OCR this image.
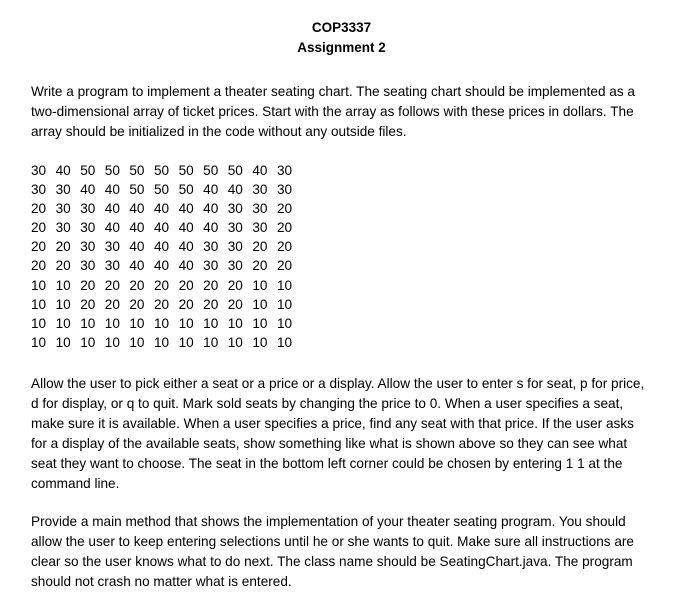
COP3337
Assignment 2

Write a program to implement a theater seating chart. The seating chart should be implemented as a two-dimensional array of ticket prices. Start with the array as follows with these prices in dollars. The array should be initialized in the code without any outside files.

30 40 50 50 50 50 50 50 50 40 30
30 30 40 40 50 50 50 40 40 30 30
20 30 30 40 40 40 40 40 30 30 20
20 30 30 40 40 40 40 40 30 30 20
20 20 30 30 40 40 40 30 30 20 20
20 20 30 30 40 40 40 30 30 20 20
10 10 20 20 20 20 20 20 20 10 10
10 10 20 20 20 20 20 20 20 10 10
10 10 10 10 10 10 10 10 10 10 10
10 10 10 10 10 10 10 10 10 10 10

Allow the user to pick either a seat or a price or a display. Allow the user to enter s for seat, p for price, d for display, or q to quit. Mark sold seats by changing the price to 0. When a user specifies a seat, make sure it is available. When a user specifies a price, find any seat with that price. If the user asks for a display of the available seats, show something like what is shown above so they can see what seat they want to choose. The seat in the bottom left corner could be chosen by entering 1 1 at the command line.

Provide a main method that shows the implementation of your theater seating program. You should allow the user to keep entering selections until he or she wants to quit. Make sure all instructions are clear so the user knows what to do next. The class name should be SeatingChart.java. The program should not crash no matter what is entered.
